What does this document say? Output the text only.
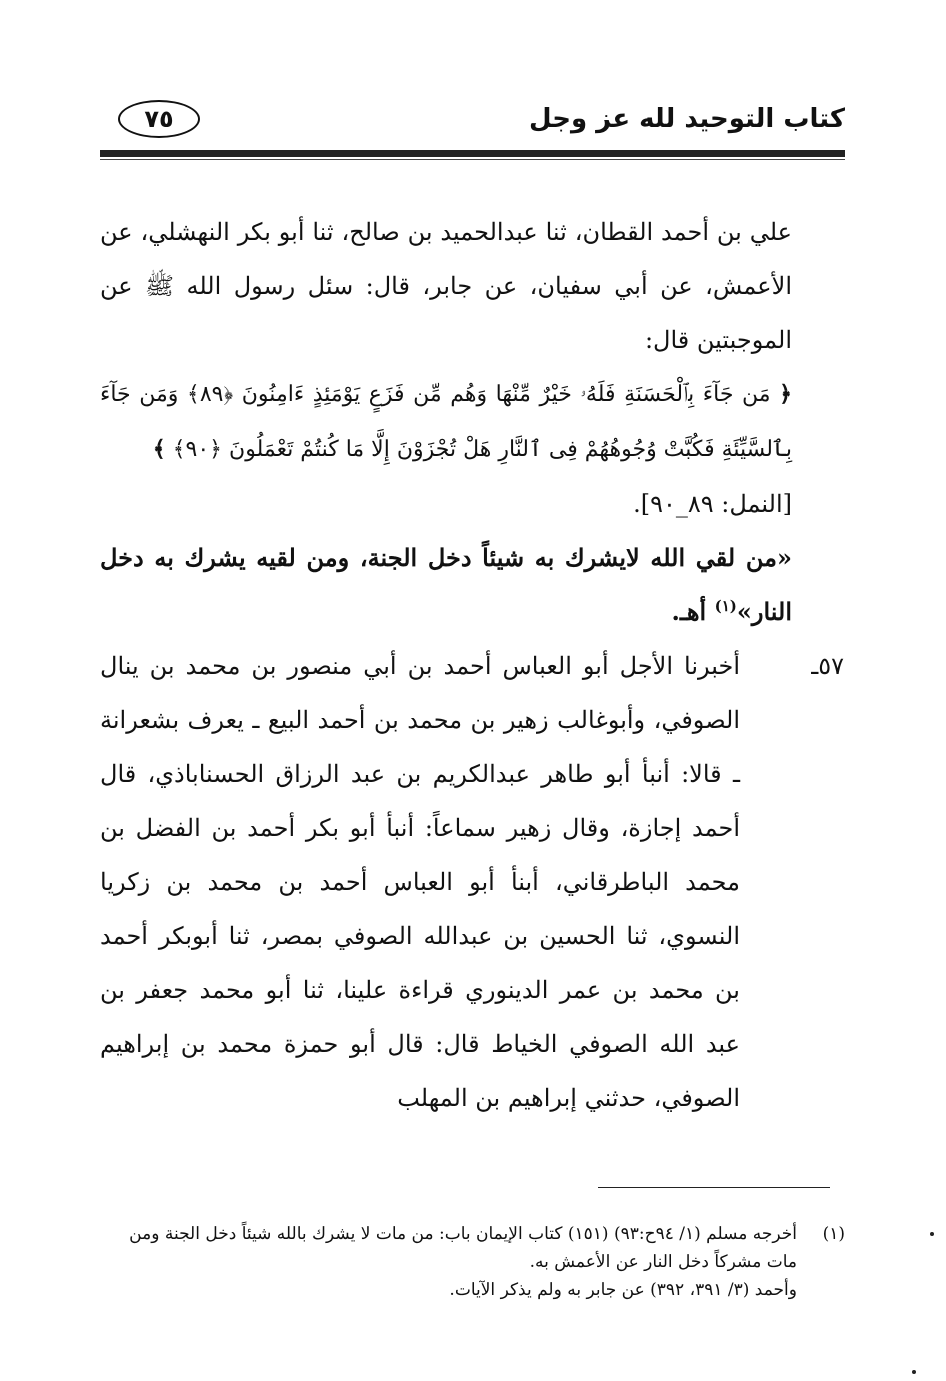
٧٥	كتاب التوحيد لله عز وجل

علي بن أحمد القطان، ثنا عبدالحميد بن صالح، ثنا أبو بكر النهشلي، عن الأعمش، عن أبي سفيان، عن جابر، قال: سئل رسول الله ﷺ عن الموجبتين قال:

﴿ مَن جَآءَ بِٱلْحَسَنَةِ فَلَهُۥ خَيْرٌ مِّنْهَا وَهُم مِّن فَزَعٍ يَوْمَئِذٍ ءَامِنُونَ ﴿٨٩﴾ وَمَن جَآءَ بِٱلسَّيِّئَةِ فَكُبَّتْ وُجُوهُهُمْ فِى ٱلنَّارِ هَلْ تُجْزَوْنَ إِلَّا مَا كُنتُمْ تَعْمَلُونَ ﴿٩٠﴾ ﴾

[النمل: ٨٩_٩٠].

«من لقي الله لايشرك به شيئاً دخل الجنة، ومن لقيه يشرك به دخل النار»$^{(١)}$ أهـ.

٥٧ـ
أخبرنا الأجل أبو العباس أحمد بن أبي منصور بن محمد بن ينال الصوفي، وأبوغالب زهير بن محمد بن أحمد البيع ـ يعرف بشعرانة ـ قالا: أنبأ أبو طاهر عبدالكريم بن عبد الرزاق الحسناباذي، قال أحمد إجازة، وقال زهير سماعاً: أنبأ أبو بكر أحمد بن الفضل بن محمد الباطرقاني، أبنأ أبو العباس أحمد بن محمد بن زكريا النسوي، ثنا الحسين بن عبدالله الصوفي بمصر، ثنا أبوبكر أحمد بن محمد بن عمر الدينوري قراءة علينا، ثنا أبو محمد جعفر بن عبد الله الصوفي الخياط قال: قال أبو حمزة محمد بن إبراهيم الصوفي، حدثني إبراهيم بن المهلب

(١)
أخرجه مسلم (١/ ٩٤ح:٩٣) (١٥١) كتاب الإيمان باب: من مات لا يشرك بالله شيئاً دخل الجنة ومن مات مشركاً دخل النار عن الأعمش به.
وأحمد (٣/ ٣٩١، ٣٩٢) عن جابر به ولم يذكر الآيات.
